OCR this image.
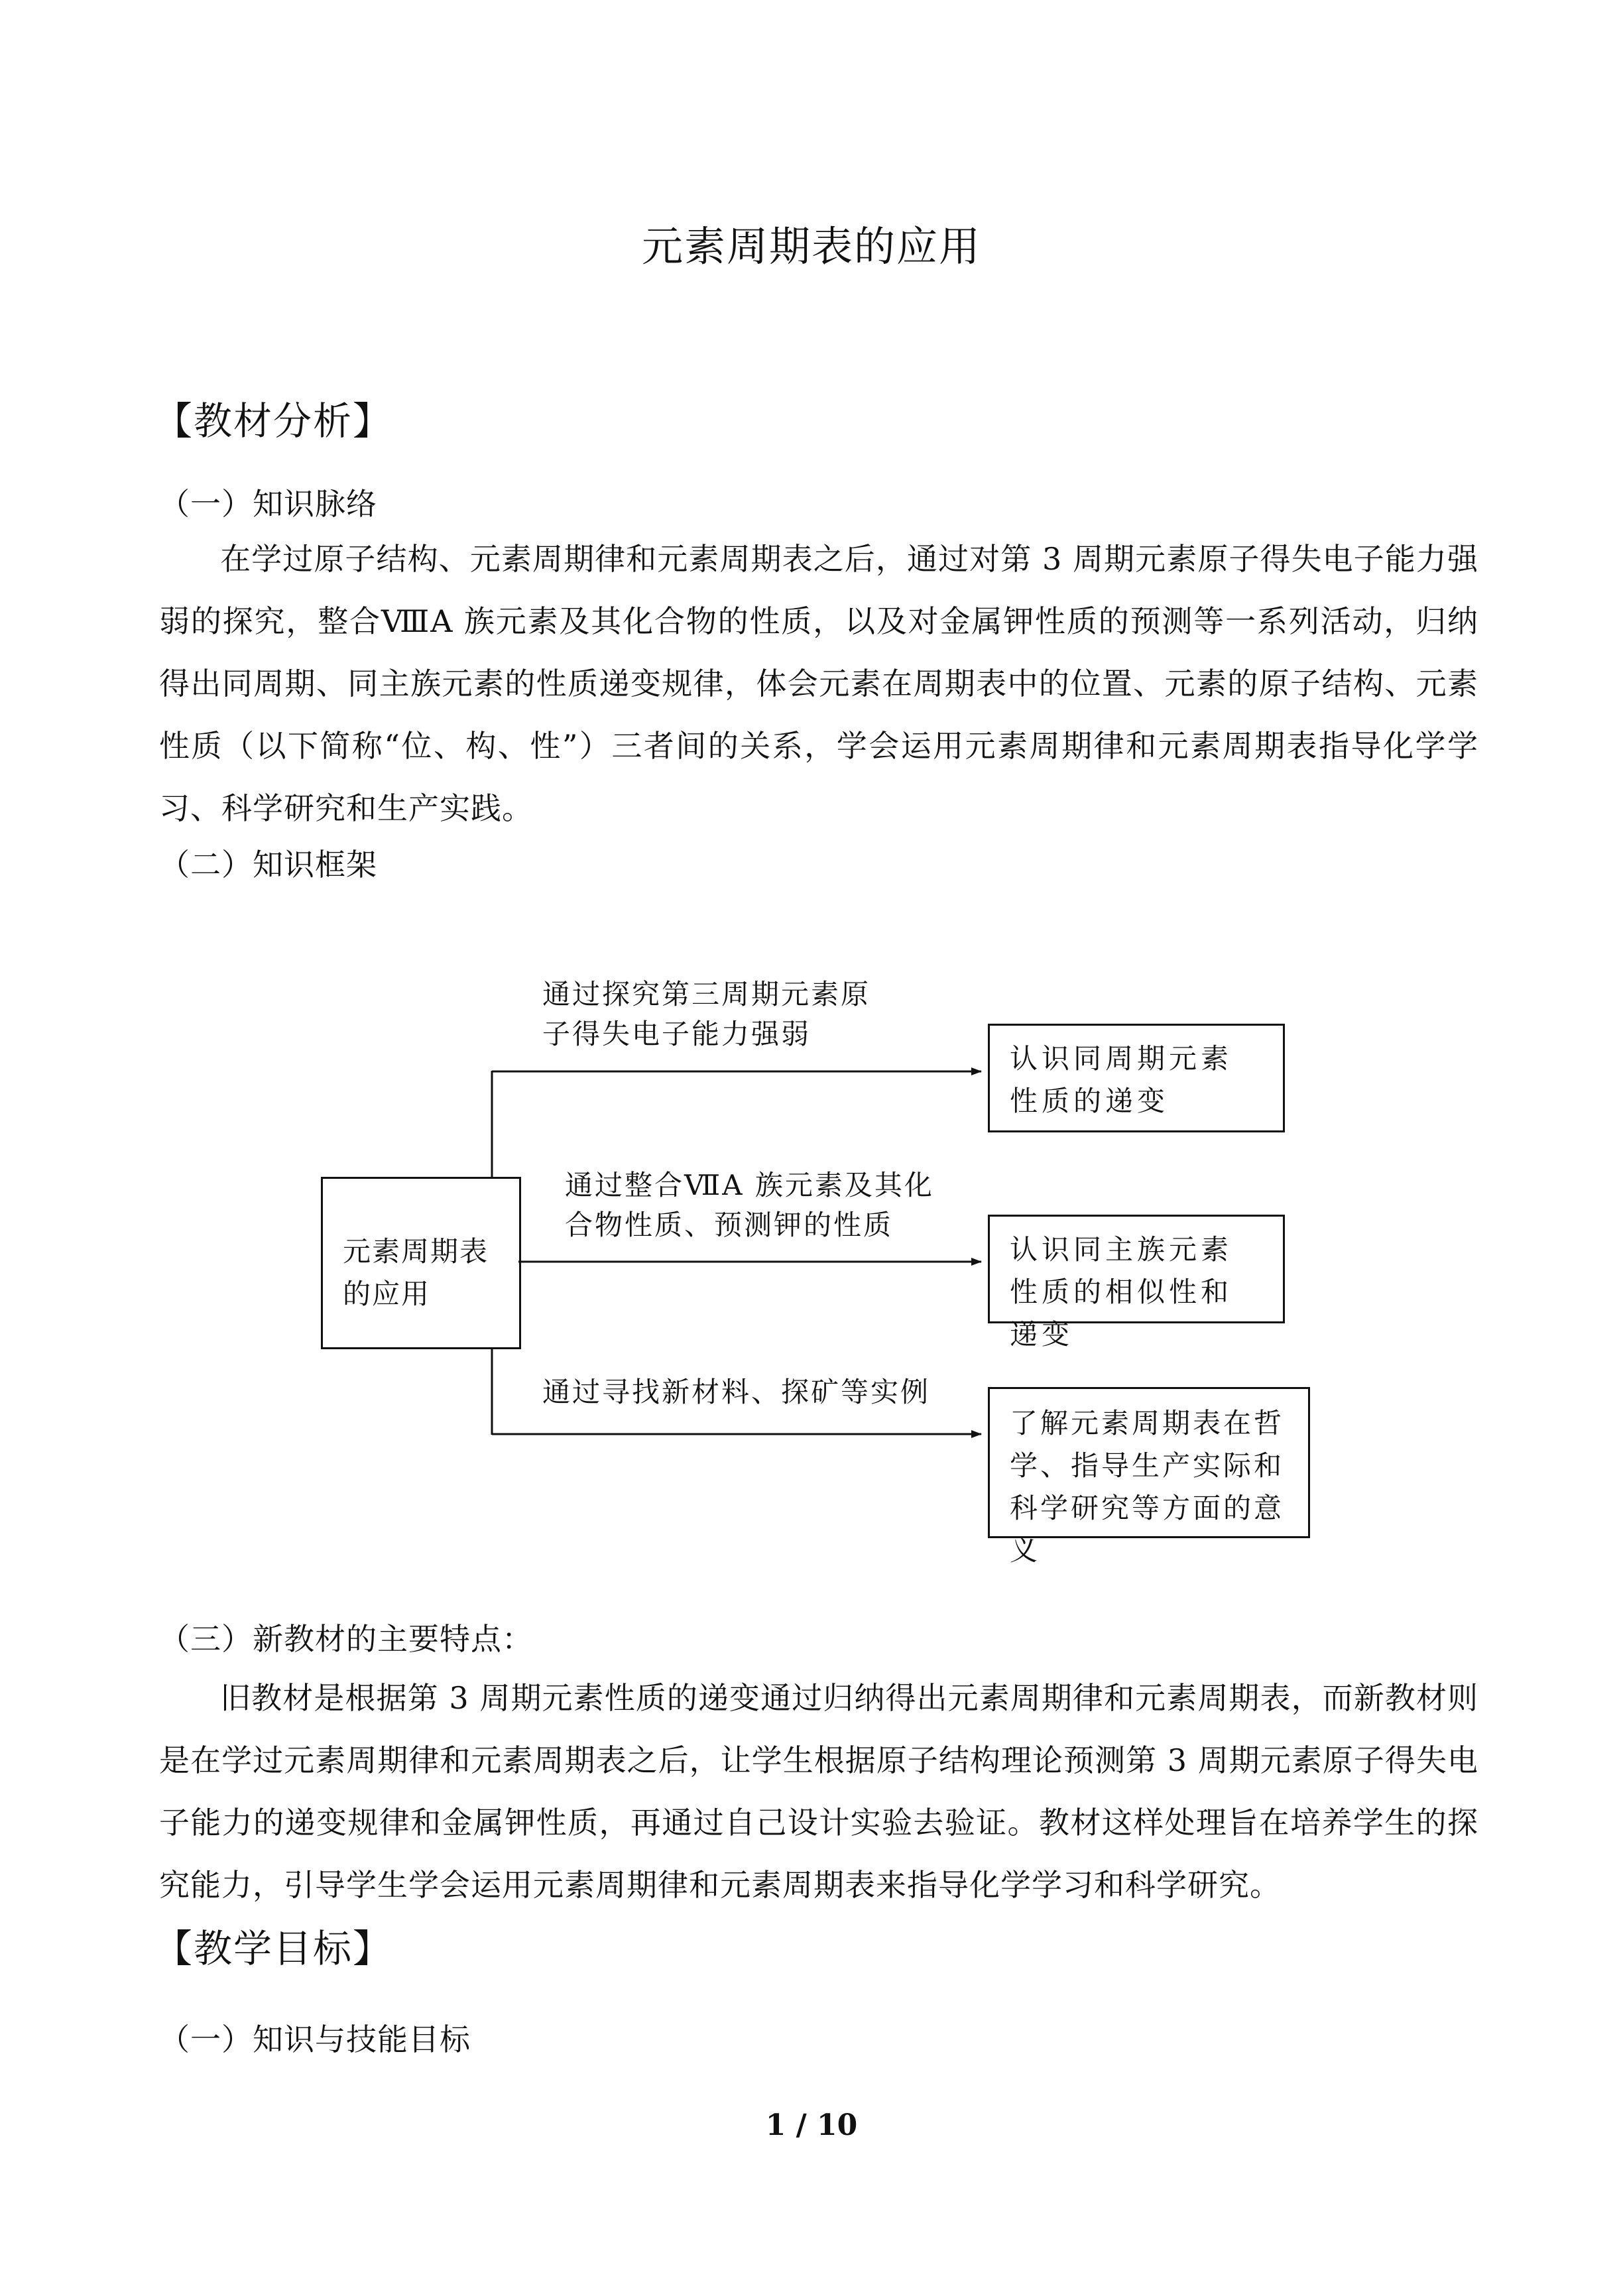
元素周期表的应用
【教材分析】
（一）知识脉络
在学过原子结构、元素周期律和元素周期表之后，通过对第 3 周期元素原子得失电子能力强弱的探究，整合ⅧA 族元素及其化合物的性质，以及对金属钾性质的预测等一系列活动，归纳得出同周期、同主族元素的性质递变规律，体会元素在周期表中的位置、元素的原子结构、元素性质（以下简称“位、构、性”）三者间的关系，学会运用元素周期律和元素周期表指导化学学习、科学研究和生产实践。
（二）知识框架
元素周期表的应用
通过探究第三周期元素原子得失电子能力强弱
认识同周期元素性质的递变
通过整合ⅦA 族元素及其化合物性质、预测钾的性质
认识同主族元素性质的相似性和递变
通过寻找新材料、探矿等实例
了解元素周期表在哲学、指导生产实际和科学研究等方面的意义
（三）新教材的主要特点：
旧教材是根据第 3 周期元素性质的递变通过归纳得出元素周期律和元素周期表，而新教材则是在学过元素周期律和元素周期表之后，让学生根据原子结构理论预测第 3 周期元素原子得失电子能力的递变规律和金属钾性质，再通过自己设计实验去验证。教材这样处理旨在培养学生的探究能力，引导学生学会运用元素周期律和元素周期表来指导化学学习和科学研究。
【教学目标】
（一）知识与技能目标
1 / 10
